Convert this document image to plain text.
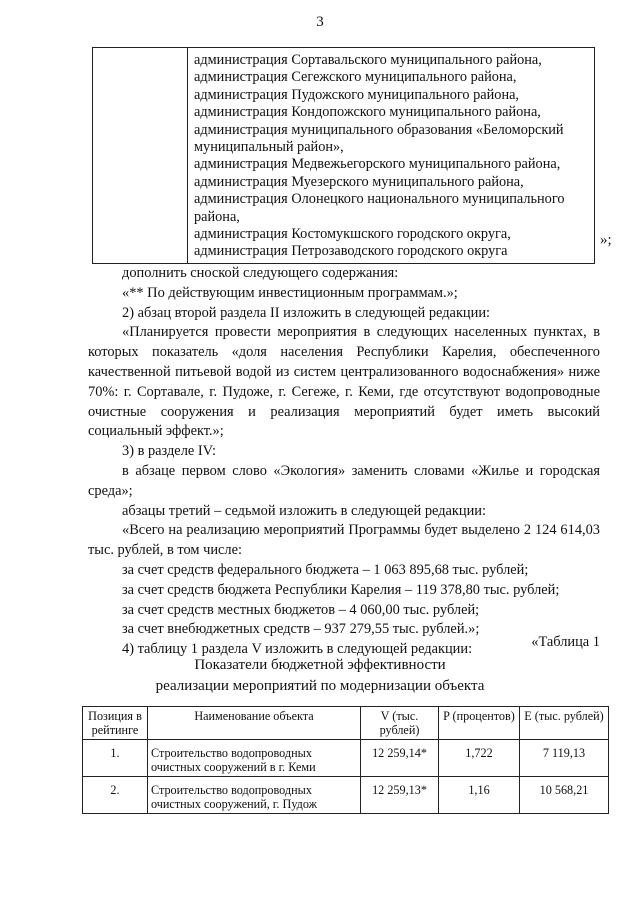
3

администрация Сортавальского муниципального района,
администрация Сегежского муниципального района,
администрация Пудожского муниципального района,
администрация Кондопожского муниципального района,
администрация муниципального образования «Беломорский
муниципальный район»,
администрация Медвежьегорского муниципального района,
администрация Муезерского муниципального района,
администрация Олонецкого национального муниципального
района,
администрация Костомукшского городского округа,
администрация Петрозаводского городского округа
»;

дополнить сноской следующего содержания:

«** По действующим инвестиционным программам.»;

2) абзац второй раздела II изложить в следующей редакции:

«Планируется провести мероприятия в следующих населенных пунктах, в которых показатель «доля населения Республики Карелия, обеспеченного качественной питьевой водой из систем централизованного водоснабжения» ниже 70%: г. Сортавале, г. Пудоже, г. Сегеже, г. Кеми, где отсутствуют водопроводные очистные сооружения и реализация мероприятий будет иметь высокий социальный эффект.»;

3) в разделе IV:

в абзаце первом слово «Экология» заменить словами «Жилье и городская среда»;

абзацы третий – седьмой изложить в следующей редакции:

«Всего на реализацию мероприятий Программы будет выделено 2 124 614,03 тыс. рублей, в том числе:

за счет средств федерального бюджета – 1 063 895,68 тыс. рублей;

за счет средств бюджета Республики Карелия – 119 378,80 тыс. рублей;

за счет средств местных бюджетов – 4 060,00 тыс. рублей;

за счет внебюджетных средств – 937 279,55 тыс. рублей.»;

4) таблицу 1 раздела V изложить в следующей редакции:	«Таблица 1
Показатели бюджетной эффективности
реализации мероприятий по модернизации объекта
Позиция в рейтинге	Наименование объекта	V (тыс. рублей)	P (процентов)	E (тыс. рублей)
1.	Строительство водопроводных очистных сооружений в г. Кеми	12 259,14*	1,722	7 119,13
2.	Строительство водопроводных очистных сооружений, г. Пудож	12 259,13*	1,16	10 568,21
